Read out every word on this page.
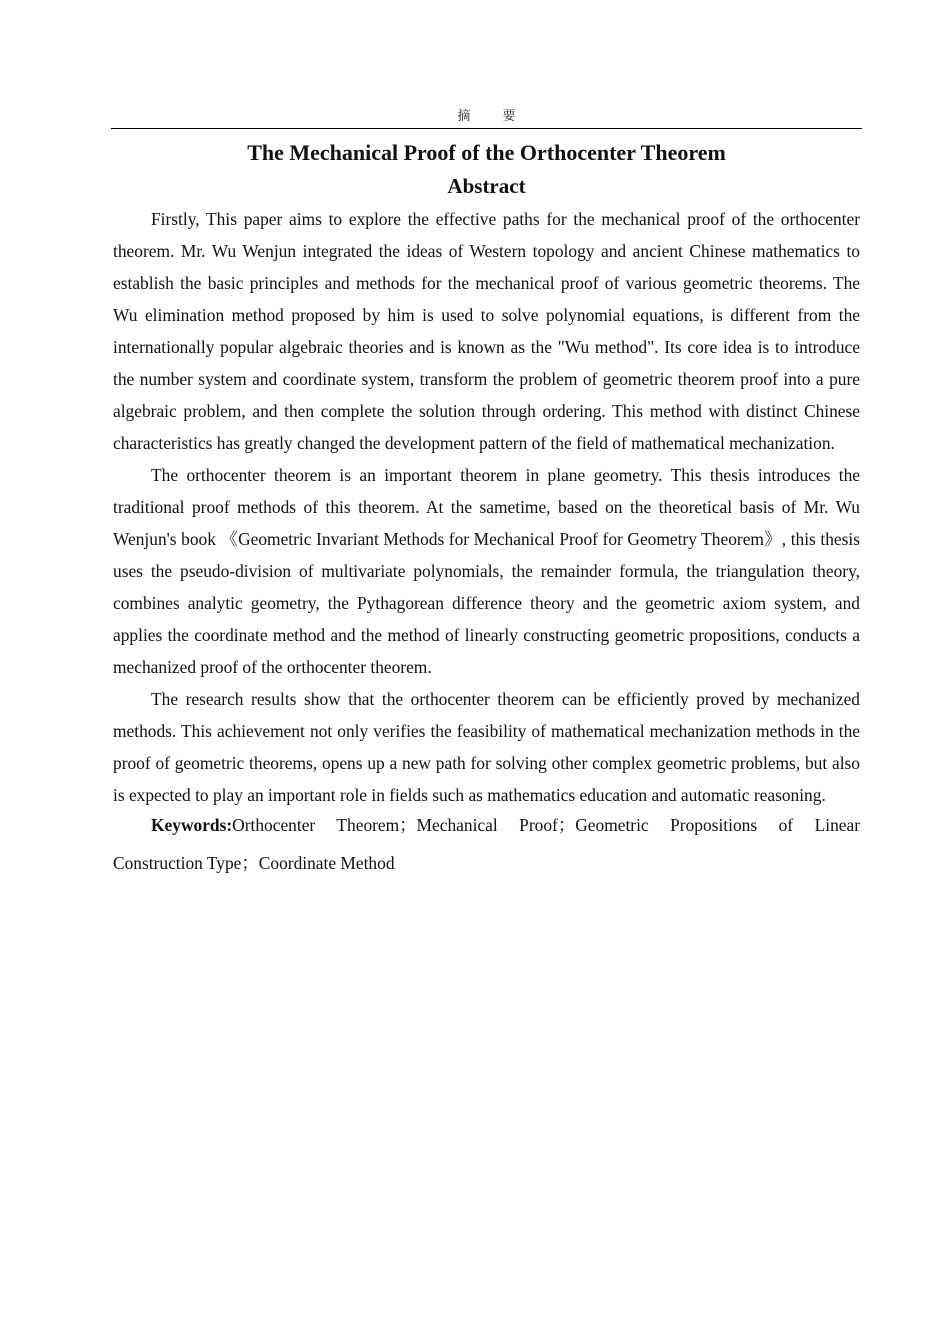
摘 要
The Mechanical Proof of the Orthocenter Theorem
Abstract

Firstly, This paper aims to explore the effective paths for the mechanical proof of the orthocenter theorem. Mr. Wu Wenjun integrated the ideas of Western topology and ancient Chinese mathematics to establish the basic principles and methods for the mechanical proof of various geometric theorems. The Wu elimination method proposed by him is used to solve polynomial equations, is different from the internationally popular algebraic theories and is known as the "Wu method". Its core idea is to introduce the number system and coordinate system, transform the problem of geometric theorem proof into a pure algebraic problem, and then complete the solution through ordering. This method with distinct Chinese characteristics has greatly changed the development pattern of the field of mathematical mechanization.

The orthocenter theorem is an important theorem in plane geometry. This thesis introduces the traditional proof methods of this theorem. At the sametime, based on the theoretical basis of Mr. Wu Wenjun's book 《Geometric Invariant Methods for Mechanical Proof for Geometry Theorem》, this thesis uses the pseudo-division of multivariate polynomials, the remainder formula, the triangulation theory, combines analytic geometry, the Pythagorean difference theory and the geometric axiom system, and applies the coordinate method and the method of linearly constructing geometric propositions, conducts a mechanized proof of the orthocenter theorem.

The research results show that the orthocenter theorem can be efficiently proved by mechanized methods. This achievement not only verifies the feasibility of mathematical mechanization methods in the proof of geometric theorems, opens up a new path for solving other complex geometric problems, but also is expected to play an important role in fields such as mathematics education and automatic reasoning.

Keywords:Orthocenter Theorem；Mechanical Proof；Geometric Propositions of Linear Construction Type；Coordinate Method
